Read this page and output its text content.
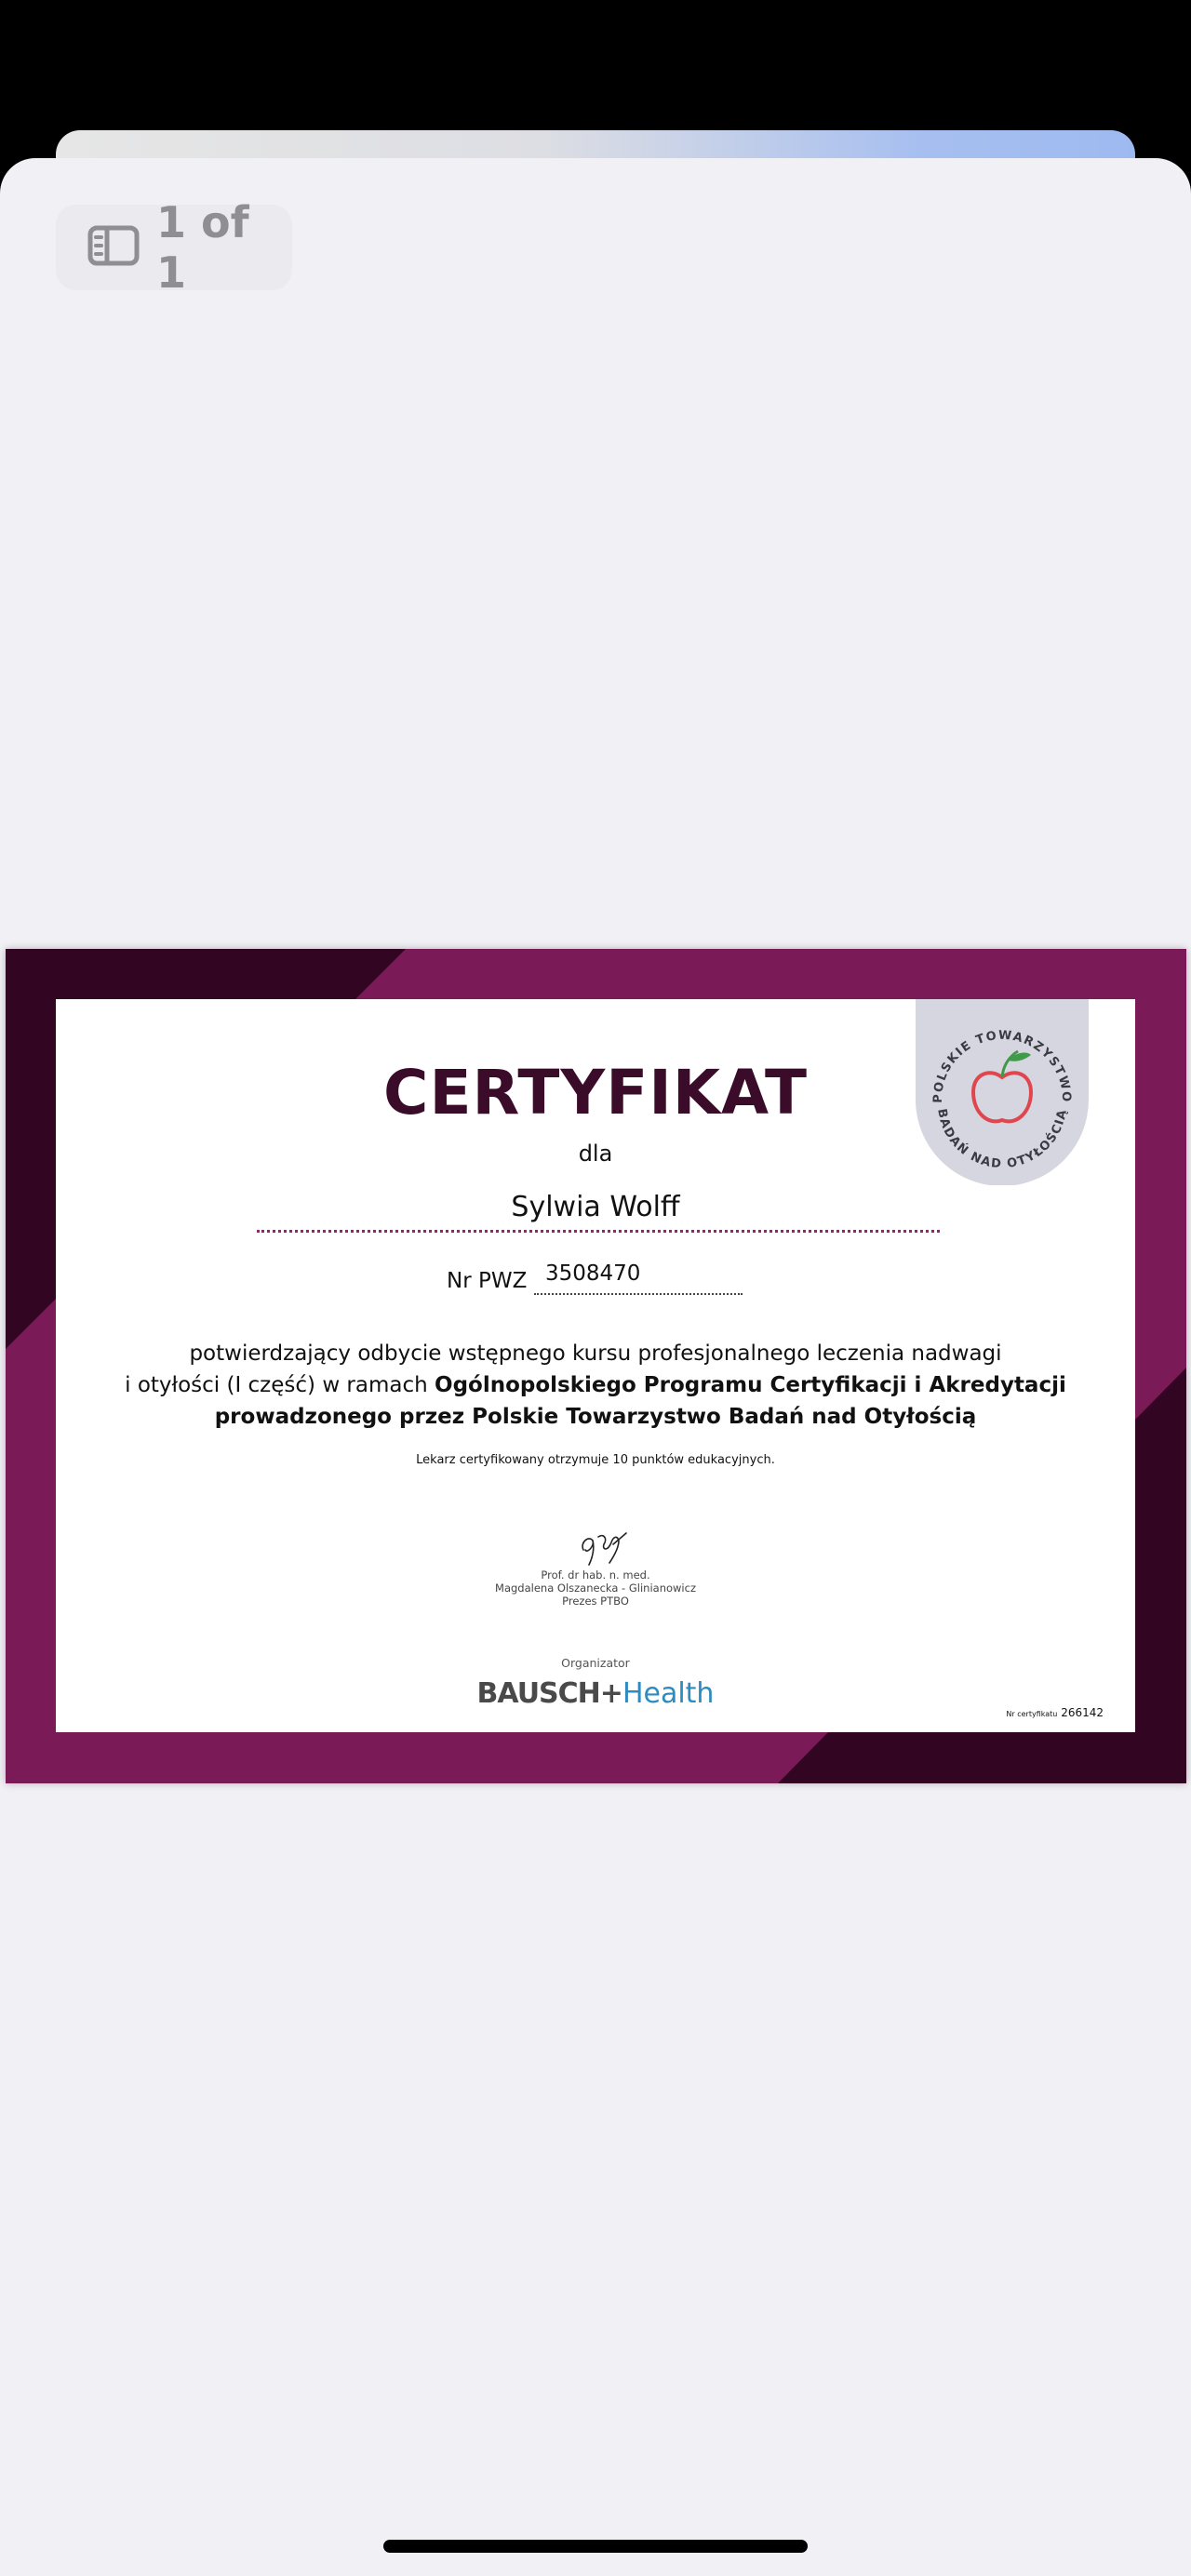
1 of 1
POLSKIE TOWARZYSTWO
BADAŃ NAD OTYŁOŚCIĄ
CERTYFIKAT
dla
Sylwia Wolff
Nr PWZ 3508470
potwierdzający odbycie wstępnego kursu profesjonalnego leczenia nadwagi
i otyłości (I część) w ramach Ogólnopolskiego Programu Certyfikacji i Akredytacji
prowadzonego przez Polskie Towarzystwo Badań nad Otyłością
Lekarz certyfikowany otrzymuje 10 punktów edukacyjnych.
Prof. dr hab. n. med.
Magdalena Olszanecka - Glinianowicz
Prezes PTBO
Organizator
BAUSCH+Health
Nr certyfikatu 266142
